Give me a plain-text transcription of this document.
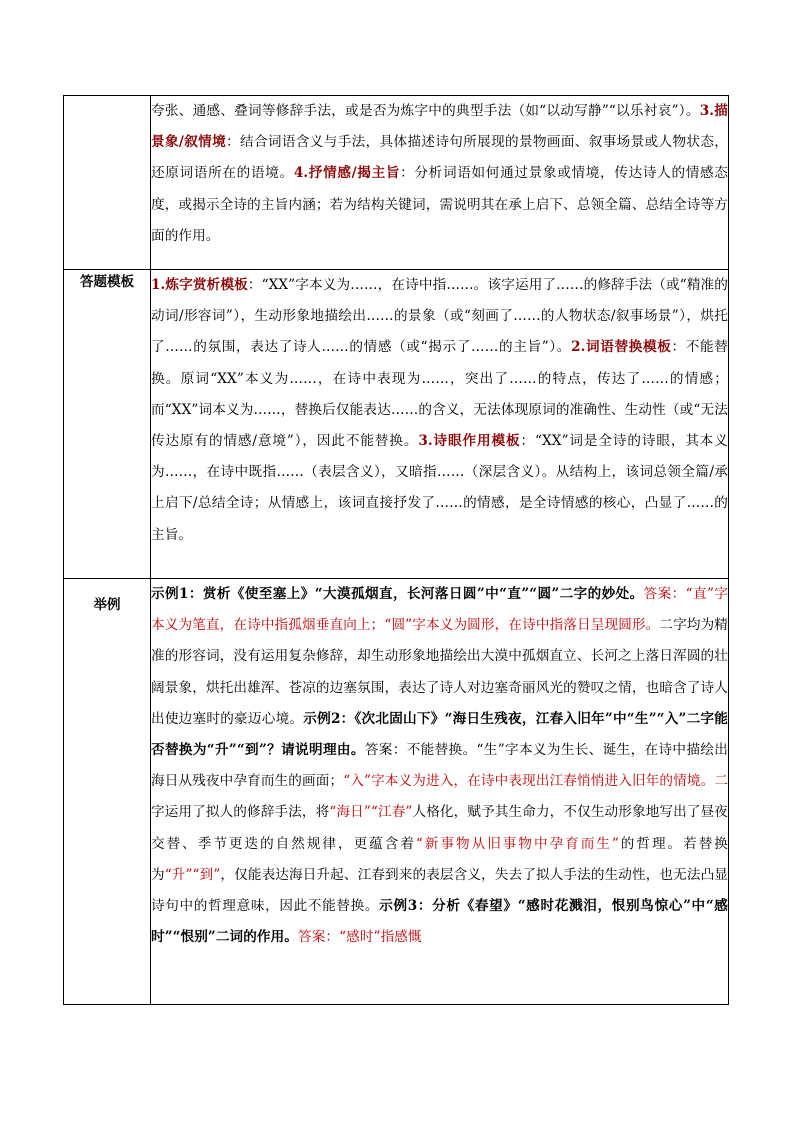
	夸张、通感、叠词等修辞手法，或是否为炼字中的典型手法（如“以动写静”“以乐衬哀”）。3.描景象/叙情境：结合词语含义与手法，具体描述诗句所展现的景物画面、叙事场景或人物状态，还原词语所在的语境。4.抒情感/揭主旨：分析词语如何通过景象或情境，传达诗人的情感态度，或揭示全诗的主旨内涵；若为结构关键词，需说明其在承上启下、总领全篇、总结全诗等方面的作用。

答题模板	1.炼字赏析模板：“XX”字本义为……，在诗中指……。该字运用了……的修辞手法（或“精准的动词/形容词”），生动形象地描绘出……的景象（或“刻画了……的人物状态/叙事场景”），烘托了……的氛围，表达了诗人……的情感（或“揭示了……的主旨”）。2.词语替换模板：不能替换。原词“XX”本义为……，在诗中表现为……，突出了……的特点，传达了……的情感；而“XX”词本义为……，替换后仅能表达……的含义，无法体现原词的准确性、生动性（或“无法传达原有的情感/意境”），因此不能替换。3.诗眼作用模板：“XX”词是全诗的诗眼，其本义为……，在诗中既指……（表层含义），又暗指……（深层含义）。从结构上，该词总领全篇/承上启下/总结全诗；从情感上，该词直接抒发了……的情感，是全诗情感的核心，凸显了……的主旨。

举例	示例1：赏析《使至塞上》“大漠孤烟直，长河落日圆”中“直”“圆”二字的妙处。答案：“直”字本义为笔直，在诗中指孤烟垂直向上；“圆”字本义为圆形，在诗中指落日呈现圆形。二字均为精准的形容词，没有运用复杂修辞，却生动形象地描绘出大漠中孤烟直立、长河之上落日浑圆的壮阔景象，烘托出雄浑、苍凉的边塞氛围，表达了诗人对边塞奇丽风光的赞叹之情，也暗含了诗人出使边塞时的豪迈心境。示例2：《次北固山下》“海日生残夜，江春入旧年”中“生”“入”二字能否替换为“升”“到”？请说明理由。答案：不能替换。“生”字本义为生长、诞生，在诗中描绘出海日从残夜中孕育而生的画面；“入”字本义为进入，在诗中表现出江春悄悄进入旧年的情境。二字运用了拟人的修辞手法，将“海日”“江春”人格化，赋予其生命力，不仅生动形象地写出了昼夜交替、季节更迭的自然规律，更蕴含着“新事物从旧事物中孕育而生”的哲理。若替换为“升”“到”，仅能表达海日升起、江春到来的表层含义，失去了拟人手法的生动性，也无法凸显诗句中的哲理意味，因此不能替换。示例3：分析《春望》“感时花溅泪，恨别鸟惊心”中“感时”“恨别”二词的作用。答案：“感时”指感慨
